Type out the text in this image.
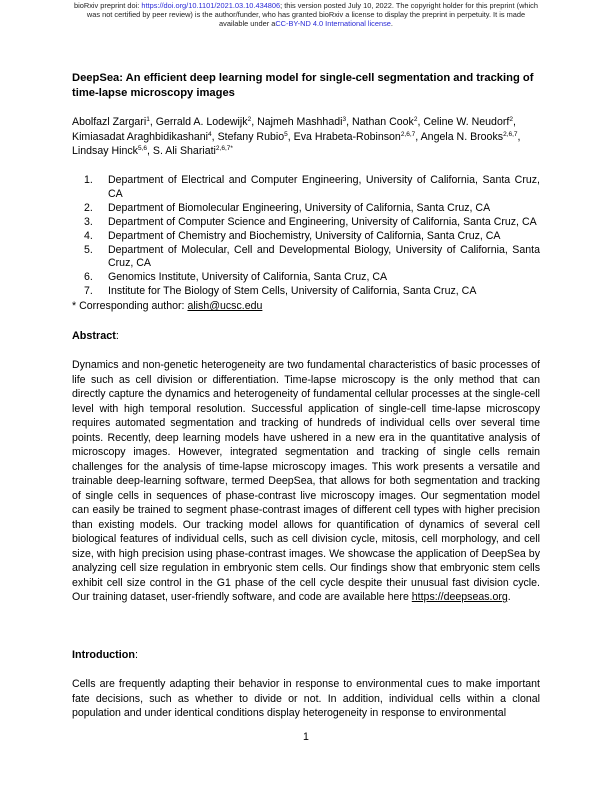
bioRxiv preprint doi: https://doi.org/10.1101/2021.03.10.434806; this version posted July 10, 2022. The copyright holder for this preprint (which
was not certified by peer review) is the author/funder, who has granted bioRxiv a license to display the preprint in perpetuity. It is made
available under aCC-BY-ND 4.0 International license.
DeepSea: An efficient deep learning model for single-cell segmentation and tracking of time-lapse microscopy images
Abolfazl Zargari$^1$, Gerrald A. Lodewijk$^2$, Najmeh Mashhadi$^3$, Nathan Cook$^2$, Celine W. Neudorf$^2$, Kimiasadat Araghbidikashani$^4$, Stefany Rubio$^5$, Eva Hrabeta-Robinson$^{2,6,7}$, Angela N. Brooks$^{2,6,7}$, Lindsay Hinck$^{5,6}$, S. Ali Shariati$^{2,6,7*}$
1. Department of Electrical and Computer Engineering, University of California, Santa Cruz, CA
2. Department of Biomolecular Engineering, University of California, Santa Cruz, CA
3. Department of Computer Science and Engineering, University of California, Santa Cruz, CA
4. Department of Chemistry and Biochemistry, University of California, Santa Cruz, CA
5. Department of Molecular, Cell and Developmental Biology, University of California, Santa Cruz, CA
6. Genomics Institute, University of California, Santa Cruz, CA
7. Institute for The Biology of Stem Cells, University of California, Santa Cruz, CA
* Corresponding author: alish@ucsc.edu
Abstract:
Dynamics and non-genetic heterogeneity are two fundamental characteristics of basic processes of life such as cell division or differentiation. Time-lapse microscopy is the only method that can directly capture the dynamics and heterogeneity of fundamental cellular processes at the single-cell level with high temporal resolution. Successful application of single-cell time-lapse microscopy requires automated segmentation and tracking of hundreds of individual cells over several time points. Recently, deep learning models have ushered in a new era in the quantitative analysis of microscopy images. However, integrated segmentation and tracking of single cells remain challenges for the analysis of time-lapse microscopy images. This work presents a versatile and trainable deep-learning software, termed DeepSea, that allows for both segmentation and tracking of single cells in sequences of phase-contrast live microscopy images. Our segmentation model can easily be trained to segment phase-contrast images of different cell types with higher precision than existing models. Our tracking model allows for quantification of dynamics of several cell biological features of individual cells, such as cell division cycle, mitosis, cell morphology, and cell size, with high precision using phase-contrast images. We showcase the application of DeepSea by analyzing cell size regulation in embryonic stem cells. Our findings show that embryonic stem cells exhibit cell size control in the G1 phase of the cell cycle despite their unusual fast division cycle. Our training dataset, user-friendly software, and code are available here https://deepseas.org.
Introduction:
Cells are frequently adapting their behavior in response to environmental cues to make important fate decisions, such as whether to divide or not. In addition, individual cells within a clonal population and under identical conditions display heterogeneity in response to environmental
1
